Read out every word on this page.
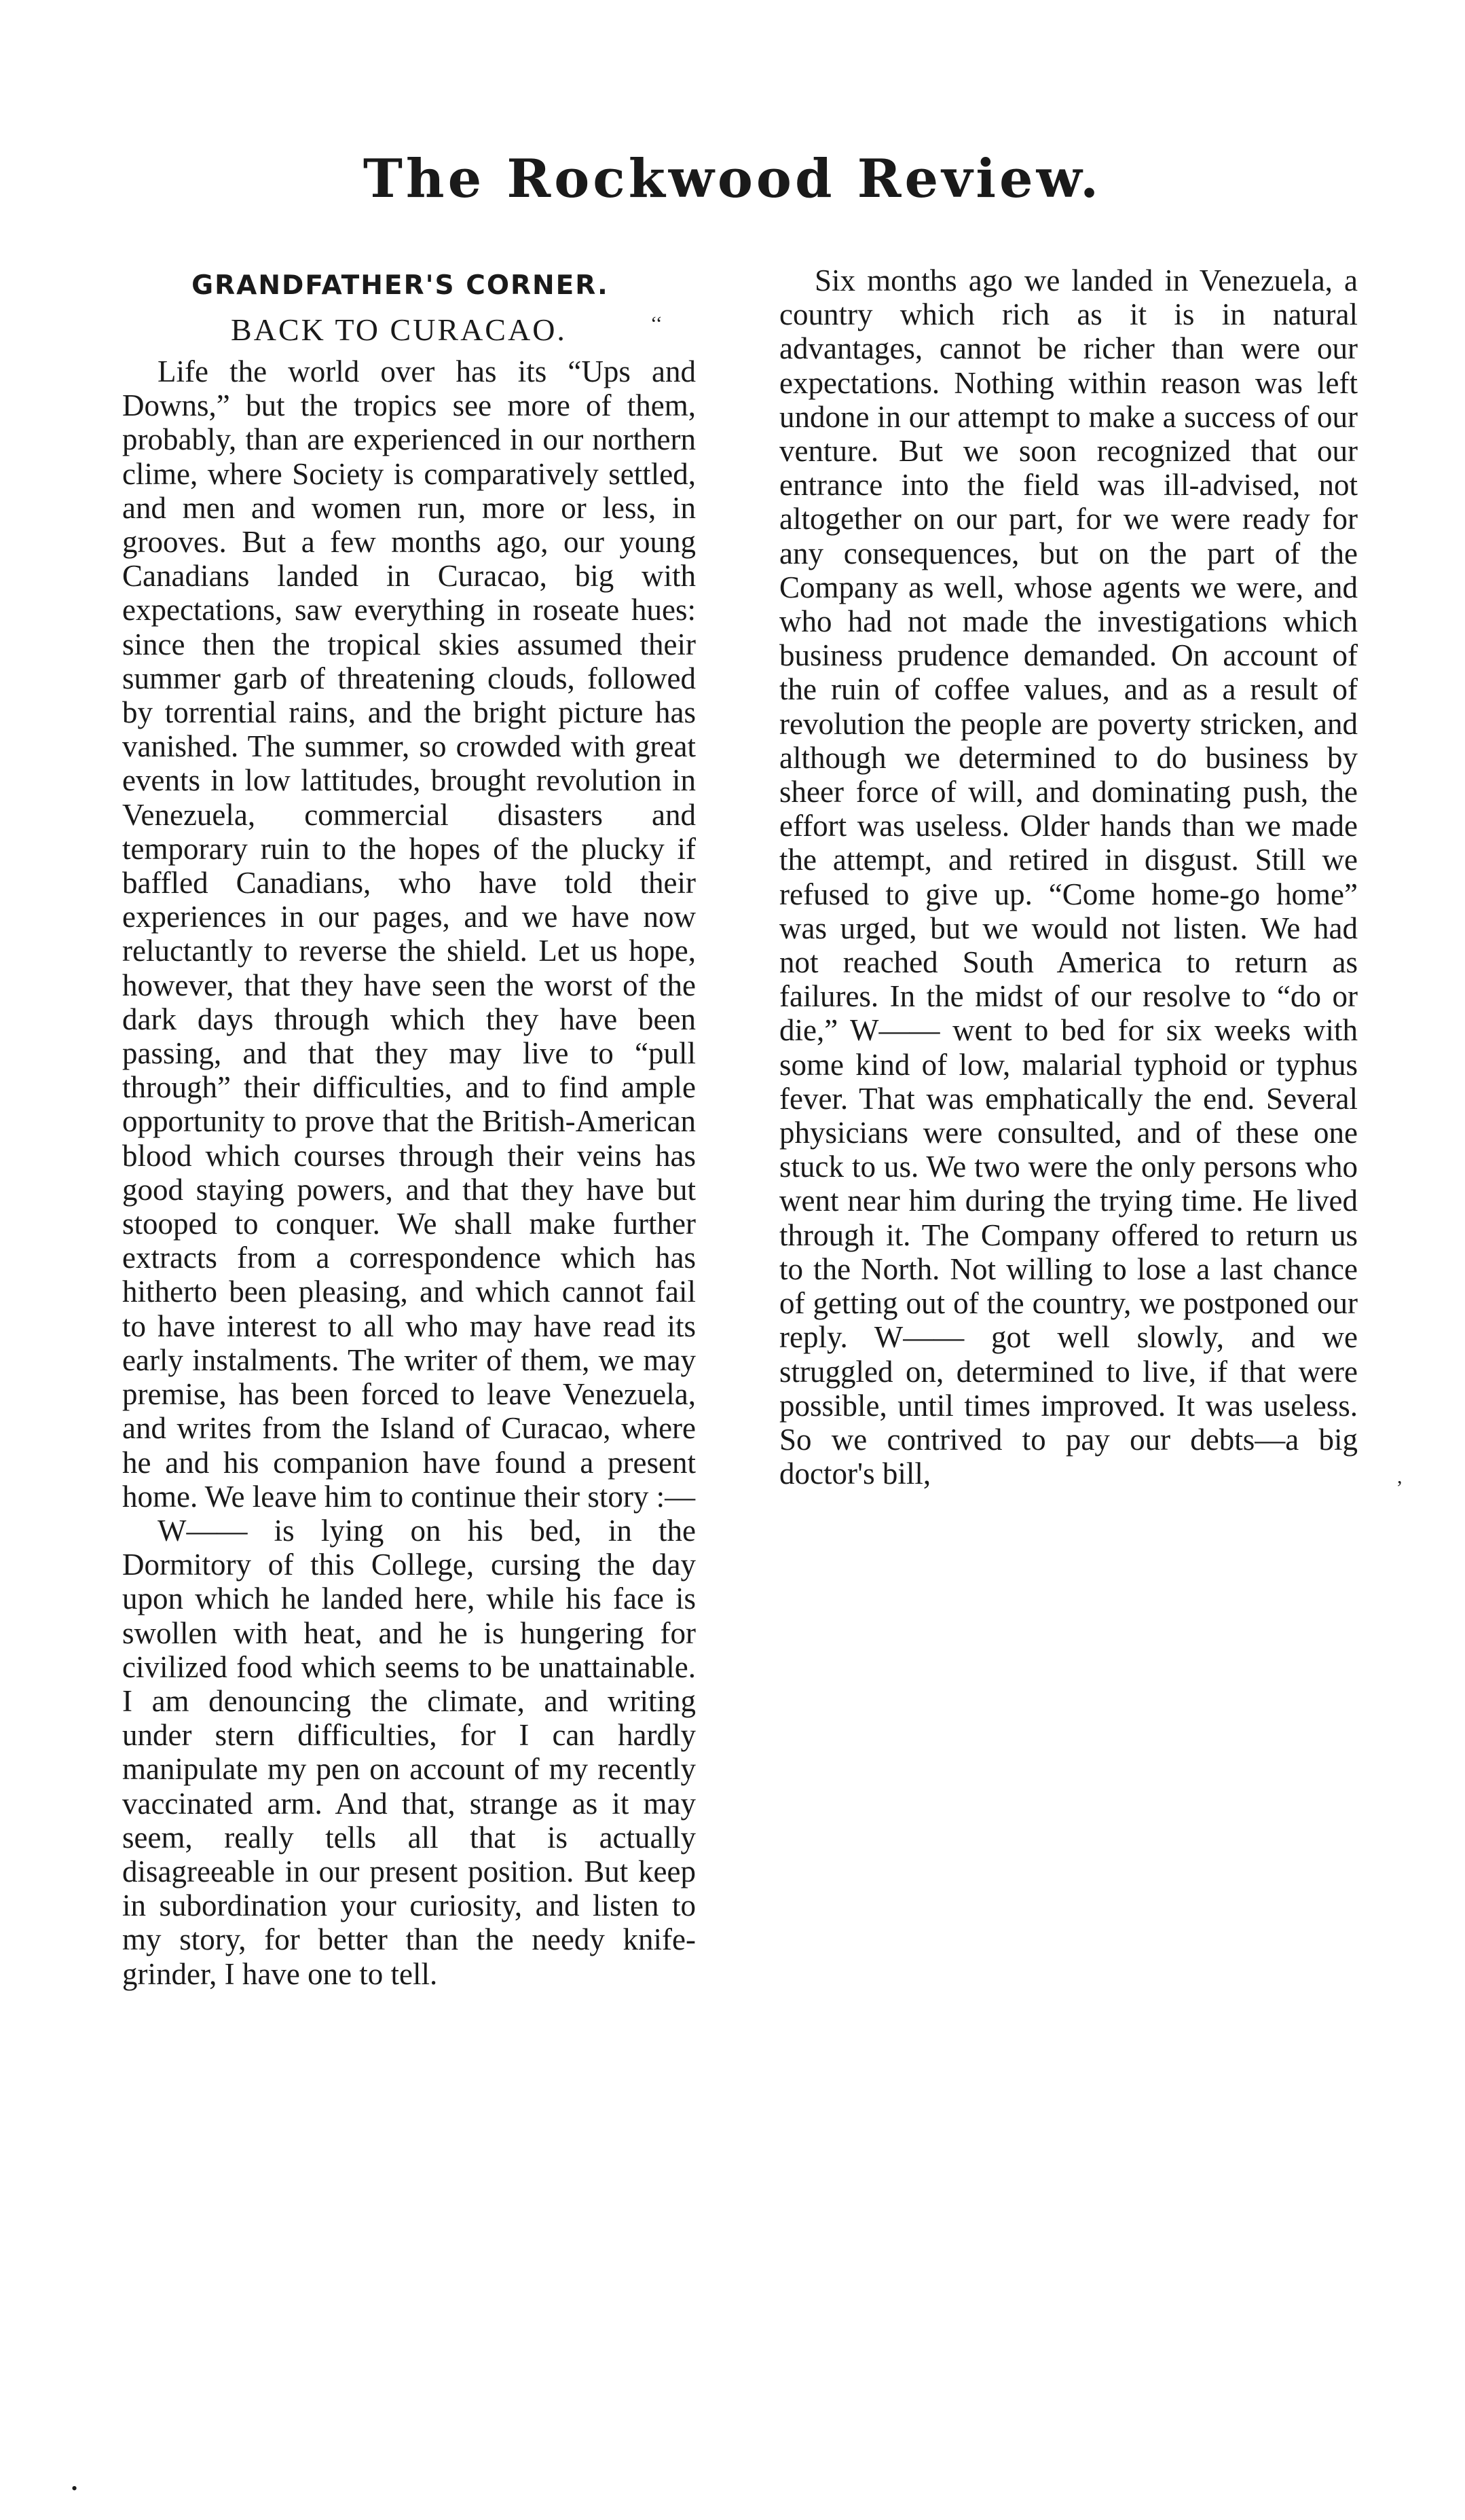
The Rockwood Review.
‘‘
,
•
GRANDFATHER'S CORNER.
BACK TO CURACAO.

Life the world over has its “Ups and Downs,” but the tropics see more of them, probably, than are experienced in our northern clime, where Society is comparatively settled, and men and women run, more or less, in grooves. But a few months ago, our young Canadians landed in Curacao, big with expectations, saw everything in roseate hues: since then the tropical skies assumed their summer garb of threatening clouds, followed by torrential rains, and the bright picture has vanished. The summer, so crowded with great events in low lattitudes, brought revolution in Venezuela, commercial disasters and temporary ruin to the hopes of the plucky if baffled Canadians, who have told their experiences in our pages, and we have now reluctantly to reverse the shield. Let us hope, however, that they have seen the worst of the dark days through which they have been passing, and that they may live to “pull through” their difficulties, and to find ample opportunity to prove that the British-American blood which courses through their veins has good staying powers, and that they have but stooped to conquer. We shall make further extracts from a correspondence which has hitherto been pleasing, and which cannot fail to have interest to all who may have read its early instalments. The writer of them, we may premise, has been forced to leave Venezuela, and writes from the Island of Curacao, where he and his companion have found a present home. We leave him to continue their story :—

W—— is lying on his bed, in the Dormitory of this College, cursing the day upon which he landed here, while his face is swollen with heat, and he is hungering for civilized food which seems to be unattainable. I am denouncing the climate, and writing under stern difficulties, for I can hardly manipulate my pen on account of my recently vaccinated arm. And that, strange as it may seem, really tells all that is actually disagreeable in our present position. But keep in subordination your curiosity, and listen to my story, for better than the needy knife-grinder, I have one to tell.

Six months ago we landed in Venezuela, a country which rich as it is in natural advantages, cannot be richer than were our expectations. Nothing within reason was left undone in our attempt to make a success of our venture. But we soon recognized that our entrance into the field was ill-advised, not altogether on our part, for we were ready for any consequences, but on the part of the Company as well, whose agents we were, and who had not made the investigations which business prudence demanded. On account of the ruin of coffee values, and as a result of revolution the people are poverty stricken, and although we determined to do business by sheer force of will, and dominating push, the effort was useless. Older hands than we made the attempt, and retired in disgust. Still we refused to give up. “Come home-go home” was urged, but we would not listen. We had not reached South America to return as failures. In the midst of our resolve to “do or die,” W—— went to bed for six weeks with some kind of low, malarial typhoid or typhus fever. That was emphatically the end. Several physicians were consulted, and of these one stuck to us. We two were the only persons who went near him during the trying time. He lived through it. The Company offered to return us to the North. Not willing to lose a last chance of getting out of the country, we postponed our reply. W—— got well slowly, and we struggled on, determined to live, if that were possible, until times improved. It was useless. So we contrived to pay our debts—a big doctor's bill,
